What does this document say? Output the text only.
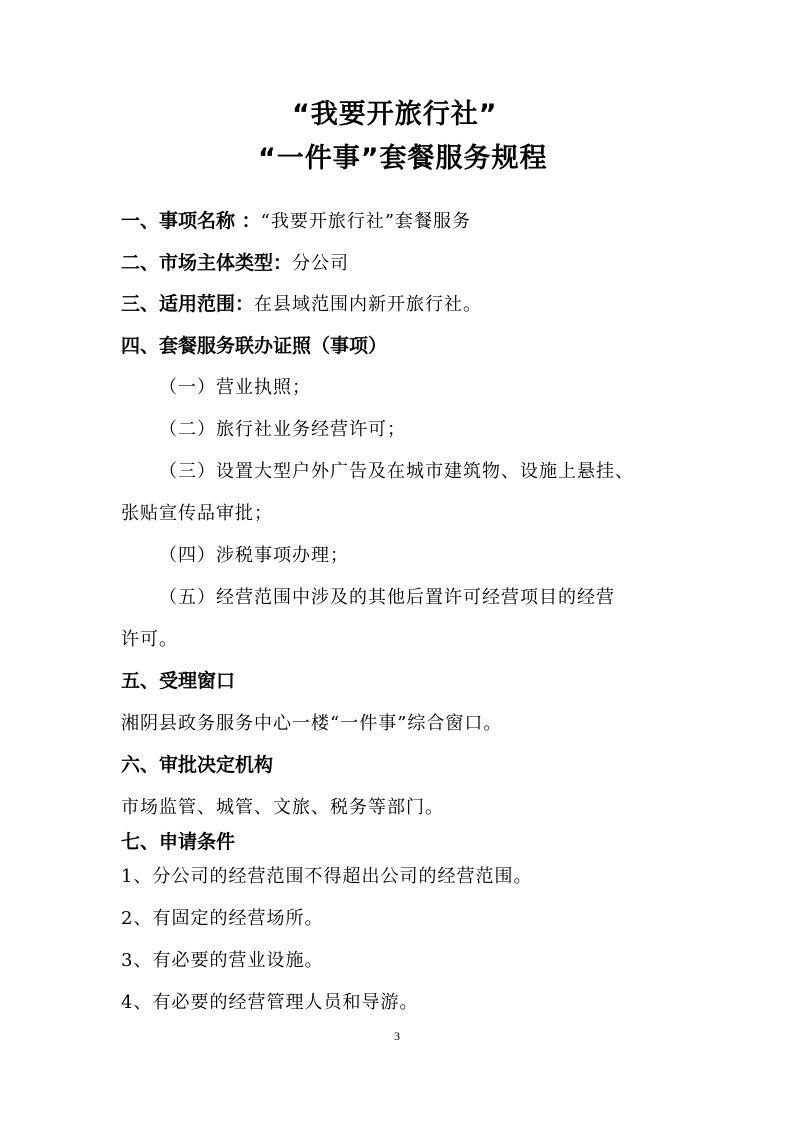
“我要开旅行社”
“一件事”套餐服务规程
一、事项名称 ：“我要开旅行社”套餐服务
二、市场主体类型：分公司
三、适用范围：在县域范围内新开旅行社。
四、套餐服务联办证照（事项）
（一）营业执照；
（二）旅行社业务经营许可；
（三）设置大型户外广告及在城市建筑物、设施上悬挂、
张贴宣传品审批；
（四）涉税事项办理；
（五）经营范围中涉及的其他后置许可经营项目的经营
许可。
五、受理窗口
湘阴县政务服务中心一楼“一件事”综合窗口。
六、审批决定机构
市场监管、城管、文旅、税务等部门。
七、申请条件
1、分公司的经营范围不得超出公司的经营范围。
2、有固定的经营场所。
3、有必要的营业设施。
4、有必要的经营管理人员和导游。
3
